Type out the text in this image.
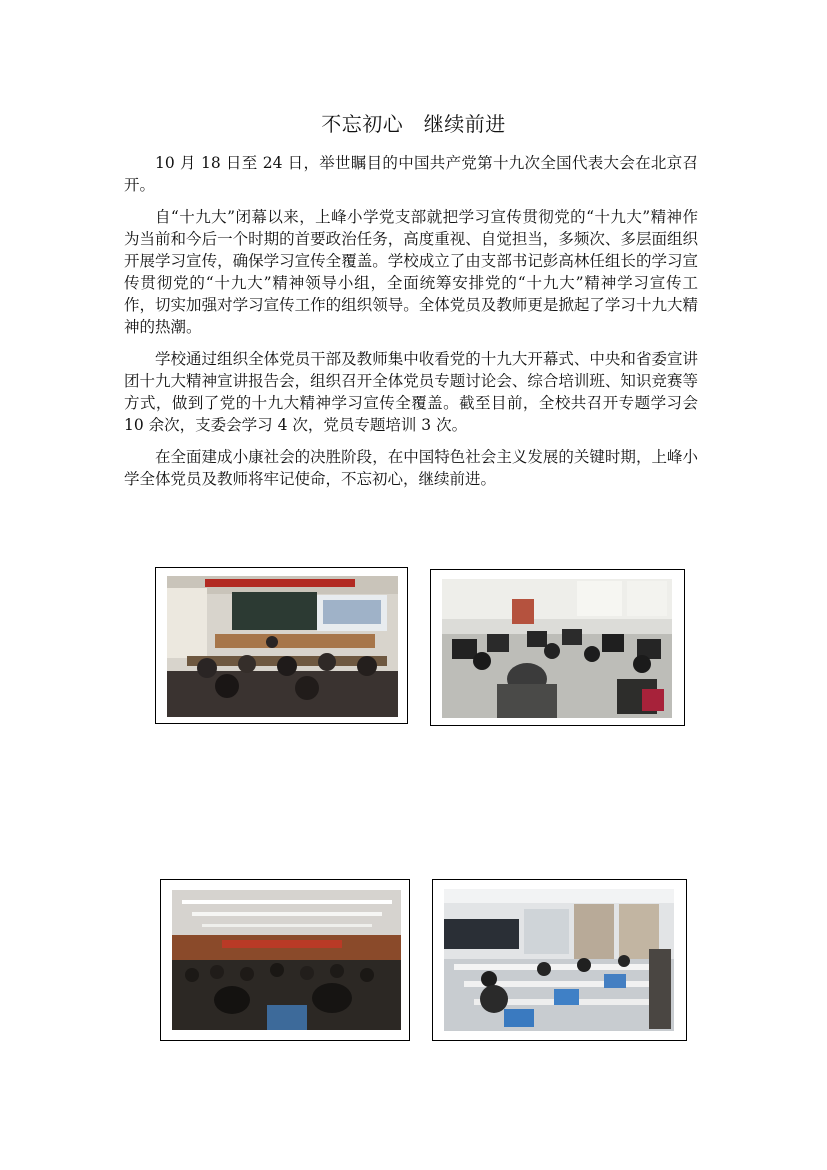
不忘初心　继续前进

10 月 18 日至 24 日，举世瞩目的中国共产党第十九次全国代表大会在北京召开。

自“十九大”闭幕以来，上峰小学党支部就把学习宣传贯彻党的“十九大”精神作为当前和今后一个时期的首要政治任务，高度重视、自觉担当，多频次、多层面组织开展学习宣传，确保学习宣传全覆盖。学校成立了由支部书记彭高林任组长的学习宣传贯彻党的“十九大”精神领导小组，全面统筹安排党的“十九大”精神学习宣传工作，切实加强对学习宣传工作的组织领导。全体党员及教师更是掀起了学习十九大精神的热潮。

学校通过组织全体党员干部及教师集中收看党的十九大开幕式、中央和省委宣讲团十九大精神宣讲报告会，组织召开全体党员专题讨论会、综合培训班、知识竞赛等方式，做到了党的十九大精神学习宣传全覆盖。截至目前，全校共召开专题学习会 10 余次，支委会学习 4 次，党员专题培训 3 次。

在全面建成小康社会的决胜阶段，在中国特色社会主义发展的关键时期，上峰小学全体党员及教师将牢记使命，不忘初心，继续前进。
